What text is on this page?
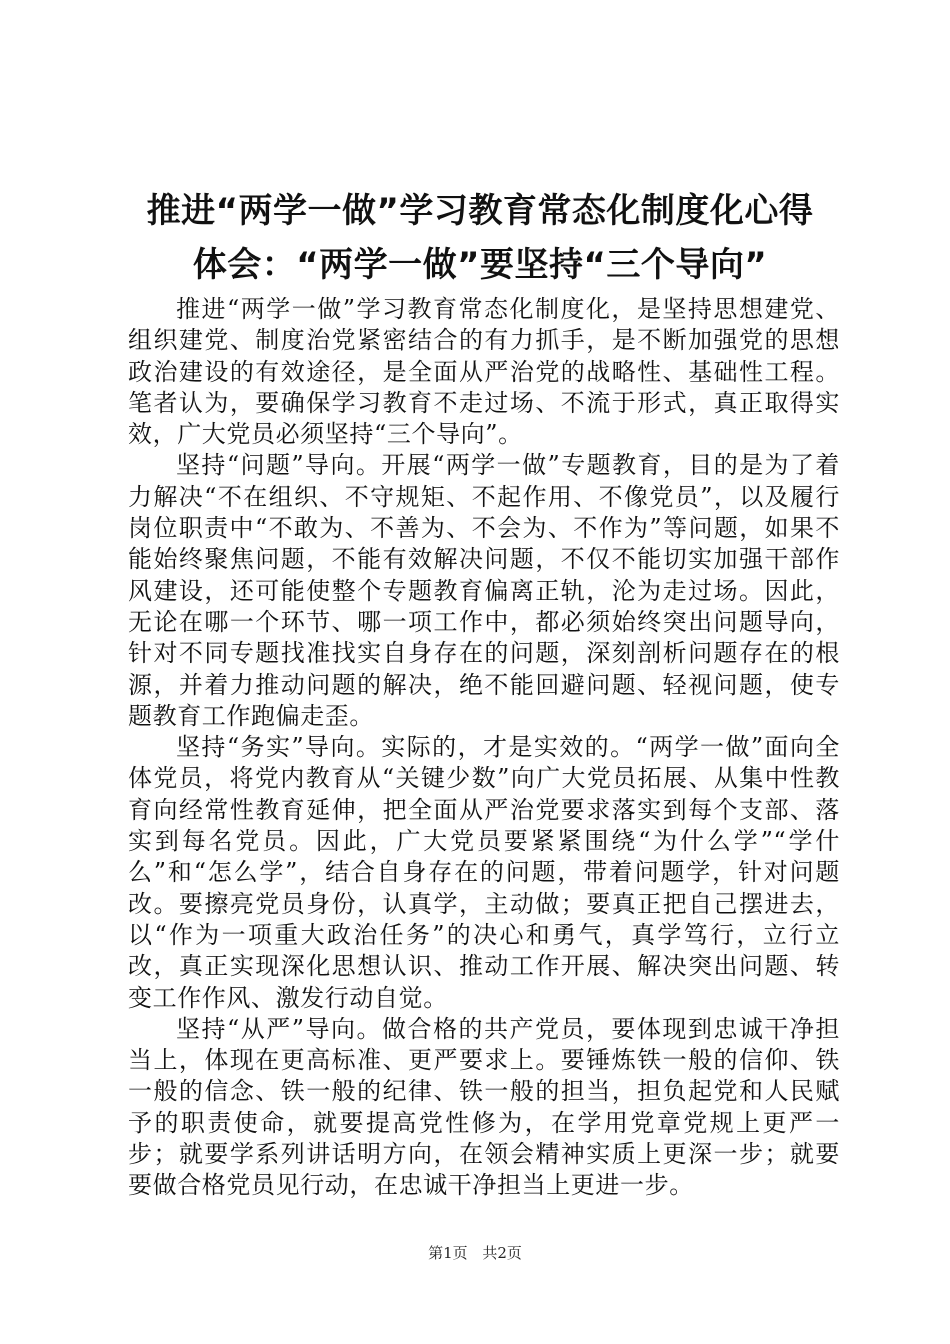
推进“两学一做”学习教育常态化制度化心得
体会：“两学一做”要坚持“三个导向”

推进“两学一做”学习教育常态化制度化，是坚持思想建党、组织建党、制度治党紧密结合的有力抓手，是不断加强党的思想政治建设的有效途径，是全面从严治党的战略性、基础性工程。笔者认为，要确保学习教育不走过场、不流于形式，真正取得实效，广大党员必须坚持“三个导向”。

坚持“问题”导向。开展“两学一做”专题教育，目的是为了着力解决“不在组织、不守规矩、不起作用、不像党员”，以及履行岗位职责中“不敢为、不善为、不会为、不作为”等问题，如果不能始终聚焦问题，不能有效解决问题，不仅不能切实加强干部作风建设，还可能使整个专题教育偏离正轨，沦为走过场。因此，无论在哪一个环节、哪一项工作中，都必须始终突出问题导向，针对不同专题找准找实自身存在的问题，深刻剖析问题存在的根源，并着力推动问题的解决，绝不能回避问题、轻视问题，使专题教育工作跑偏走歪。

坚持“务实”导向。实际的，才是实效的。“两学一做”面向全体党员，将党内教育从“关键少数”向广大党员拓展、从集中性教育向经常性教育延伸，把全面从严治党要求落实到每个支部、落实到每名党员。因此，广大党员要紧紧围绕“为什么学”“学什么”和“怎么学”，结合自身存在的问题，带着问题学，针对问题改。要擦亮党员身份，认真学，主动做；要真正把自己摆进去，以“作为一项重大政治任务”的决心和勇气，真学笃行，立行立改，真正实现深化思想认识、推动工作开展、解决突出问题、转变工作作风、激发行动自觉。

坚持“从严”导向。做合格的共产党员，要体现到忠诚干净担当上，体现在更高标准、更严要求上。要锤炼铁一般的信仰、铁一般的信念、铁一般的纪律、铁一般的担当，担负起党和人民赋予的职责使命，就要提高党性修为，在学用党章党规上更严一步；就要学系列讲话明方向，在领会精神实质上更深一步；就要要做合格党员见行动，在忠诚干净担当上更进一步。

第1页 共2页
